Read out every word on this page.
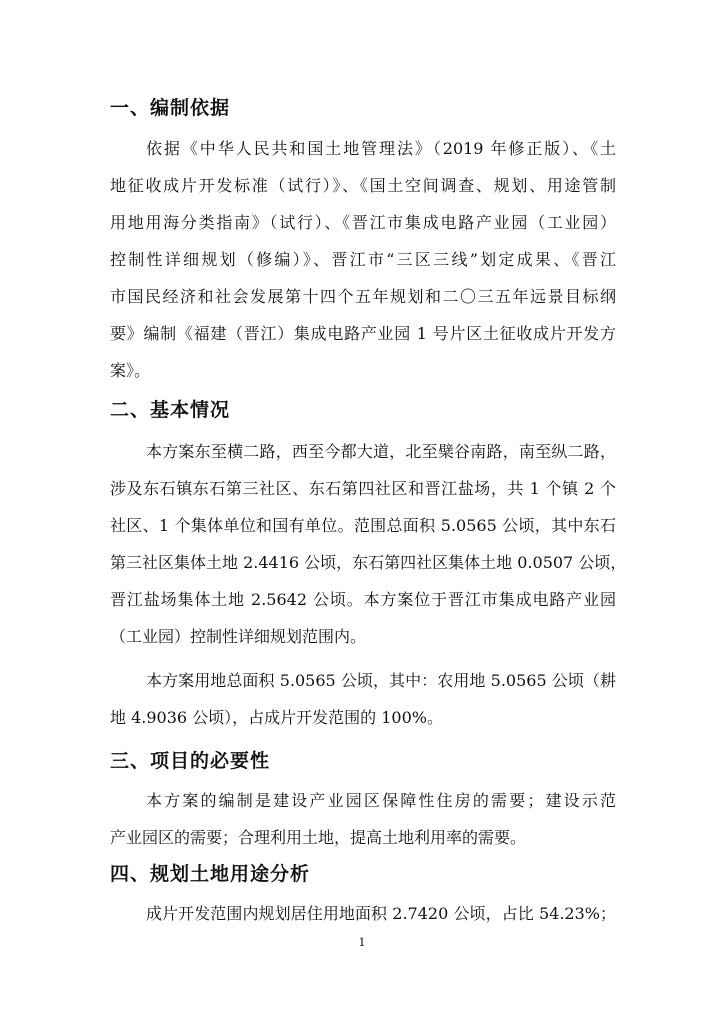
一、编制依据
依据《中华人民共和国土地管理法》（2019 年修正版）、《土
地征收成片开发标准（试行）》、《国土空间调查、规划、用途管制
用地用海分类指南》（试行）、《晋江市集成电路产业园（工业园）
控制性详细规划（修编）》、晋江市“三区三线”划定成果、《晋江
市国民经济和社会发展第十四个五年规划和二〇三五年远景目标纲
要》编制《福建（晋江）集成电路产业园 1 号片区土征收成片开发方
案》。
二、基本情况
本方案东至横二路，西至今都大道，北至檗谷南路，南至纵二路，
涉及东石镇东石第三社区、东石第四社区和晋江盐场，共 1 个镇 2 个
社区、1 个集体单位和国有单位。范围总面积 5.0565 公顷，其中东石
第三社区集体土地 2.4416 公顷，东石第四社区集体土地 0.0507 公顷，
晋江盐场集体土地 2.5642 公顷。本方案位于晋江市集成电路产业园
（工业园）控制性详细规划范围内。
本方案用地总面积 5.0565 公顷，其中：农用地 5.0565 公顷（耕
地 4.9036 公顷），占成片开发范围的 100%。
三、项目的必要性
本方案的编制是建设产业园区保障性住房的需要；建设示范
产业园区的需要；合理利用土地，提高土地利用率的需要。
四、规划土地用途分析
成片开发范围内规划居住用地面积 2.7420 公顷，占比 54.23%；
1
